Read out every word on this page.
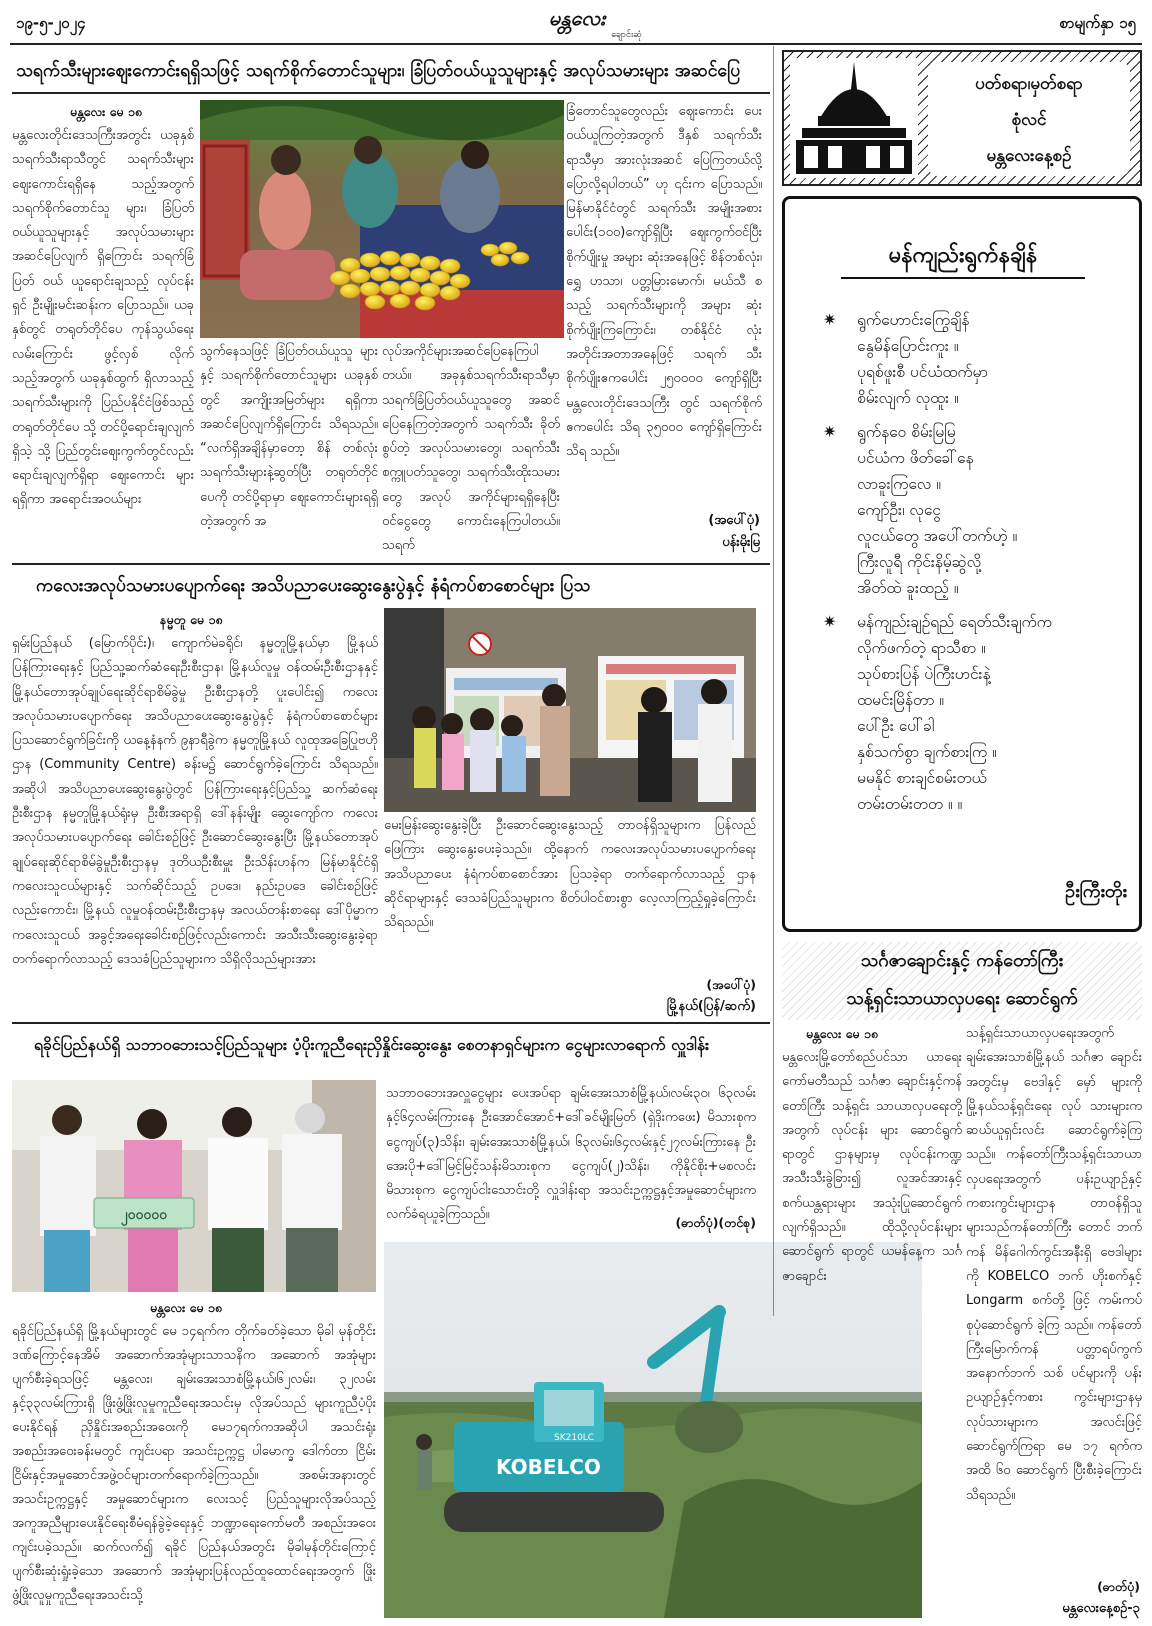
၁၉-၅-၂၀၂၄	မန္တလေး
ချောင်းဆုံ
စာမျက်နှာ ၁၅
သရက်သီးများဈေးကောင်းရရှိသဖြင့် သရက်စိုက်တောင်သူများ၊ ခြံပြတ်ဝယ်ယူသူများနှင့် အလုပ်သမားများ အဆင်ပြေ
မန္တလေး မေ ၁၈
မန္တလေးတိုင်းဒေသကြီးအတွင်း ယခုနှစ် သရက်သီးရာသီတွင် သရက်သီးများဈေးကောင်းရရှိနေ သည့်အတွက် သရက်စိုက်တောင်သူ များ၊ ခြံပြတ်ဝယ်ယူသူများနှင့် အလုပ်သမားများ အဆင်ပြေလျက် ရှိကြောင်း သရက်ခြံပြတ် ဝယ် ယူရောင်းချသည့် လုပ်ငန်းရှင် ဦးမျိုးမင်းဆန်းက ပြောသည်။ ယခုနှစ်တွင် တရုတ်တိုင်ပေ ကုန်သွယ်ရေးလမ်းကြောင်း ဖွင့်လှစ် လိုက်သည့်အတွက် ယခုနှစ်ထွက် ရှိလာသည့် သရက်သီးများကို ပြည်ပနိုင်ငံဖြစ်သည့် တရုတ်တိုင်ပေ သို့ တင်ပို့ရောင်းချလျက်ရှိသဲ့ သို့ ပြည်တွင်းဈေးကွက်တွင်လည်း ရောင်းချလျက်ရှိရာ ဈေးကောင်း များရရှိကာ အရောင်းအဝယ်များ
သွက်နေသဖြင့် ခြံပြတ်ဝယ်ယူသူ များနှင့် သရက်စိုက်တောင်သူများ ယခုနှစ်တွင် အကျိုးအမြတ်များ ရရှိကာ အဆင်ပြေလျက်ရှိကြောင်း သိရသည်။ “လက်ရှိအချိန်မှာတော့ စိန် တစ်လုံးသရက်သီးများနဲ့ဆွတ်ပြီး တရုတ်တိုင်ပေကို တင်ပို့ရာမှာ ဈေးကောင်းများရရှိတဲ့အတွက် အ
လုပ်အကိုင်များအဆင်ပြေနေကြပါ တယ်။ အခုနှစ်သရက်သီးရာသီမှာ သရက်ခြံပြတ်ဝယ်ယူသူတွေ အဆင် ပြေနေကြတဲ့အတွက် သရက်သီး ခိုတ်စွပ်တဲ့ အလုပ်သမားတွေ၊ သရက်သီး စက္ကူပတ်သူတွေ၊ သရက်သီးထိုးသမားတွေ အလုပ် အကိုင်များရရှိနေပြီး ဝင်ငွေတွေ ကောင်းနေကြပါတယ်။ သရက်
ခြံတောင်သူတွေလည်း ဈေးကောင်း ပေးဝယ်ယူကြတဲ့အတွက် ဒီနှစ် သရက်သီးရာသီမှာ အားလုံးအဆင် ပြေကြတယ်လို့ ပြောလို့ရပါတယ်” ဟု ၎င်းက ပြောသည်။ မြန်မာနိုင်ငံတွင် သရက်သီး အမျိုးအစားပေါင်း(၁၀၀)ကျော်ရှိပြီး ဈေးကွက်ဝင်ပြီး စိုက်ပျိုးမှု အများ ဆုံးအနေဖြင့် စိန်တစ်လုံး၊ ရွှေ ဟသာ၊ ပတ္တမြားမောက်၊ မယ်သီ စသည့် သရက်သီးများကို အများ ဆုံးစိုက်ပျိုးကြကြောင်း၊ တစ်နိုင်ငံ လုံးအတိုင်းအတာအနေဖြင့် သရက် သီး စိုက်ပျိုးဧကပေါင်း ၂၅၀၀၀၀ ကျော်ရှိပြီး မန္တလေးတိုင်းဒေသကြီး တွင် သရက်စိုက် ဧကပေါင်း သိရ ၃၅၀၀၀ ကျော်ရှိကြောင်း သိရ သည်။
(အပေါ်ပုံ)
ပန်းမိုးမြ
ကလေးအလုပ်သမားပပျောက်ရေး အသိပညာပေးဆွေးနွေးပွဲနှင့် နံရံကပ်စာစောင်များ ပြသ
နမ္မတူ မေ ၁၈
ရှမ်းပြည်နယ် (မြောက်ပိုင်း)၊ ကျောက်မဲခရိုင်၊ နမ္မတူမြို့နယ်မှာ မြို့နယ်ပြန်ကြားရေးနှင့် ပြည်သူ့ဆက်ဆံရေးဦးစီးဌာန၊ မြို့နယ်လူမှု ဝန်ထမ်းဦးစီးဌာနနှင့် မြို့နယ်တောအုပ်ချုပ်ရေးဆိုင်ရာစိမ်ခွဲမှု ဦးစီးဌာနတို့ ပူးပေါင်း၍ ကလေးအလုပ်သမားပပျောက်ရေး အသိပညာပေးဆွေးနွေးပွဲနှင့် နံရံကပ်စာစောင်များ ပြသဆောင်ရွက်ခြင်းကို ယနေ့နံနက် ၉နာရီခွဲက နမ္မတူမြို့နယ် လူထုအခြေပြုဗဟိုဌာန (Community Centre) ခန်းမ၌ ဆောင်ရွက်ခဲ့ကြောင်း သိရသည်။ အဆိုပါ အသိပညာပေးဆွေးနွေးပွဲတွင် ပြန်ကြားရေးနှင့်ပြည်သူ့ ဆက်ဆံရေးဦးစီးဌာန နမ္မတူမြို့နယ်ရုံးမှ ဦးစီးအရာရှိ ဒေါ်နန်းမျိုး ဆွေးကျော်က ကလေးအလုပ်သမားပပျောက်ရေး ခေါင်းစဉ်ဖြင့် ဦးဆောင်ဆွေးနွေးပြီး မြို့နယ်တောအုပ်ချုပ်ရေးဆိုင်ရာစိမ်ခွဲမှုဦးစီးဌာနမှ ဒုတိယဦးစီးမှူး ဦးသိန်းဟန်က မြန်မာနိုင်ငံရှိ ကလေးသူငယ်များနှင့် သက်ဆိုင်သည့် ဥပဒေ၊ နည်းဥပဒေ ခေါင်းစဉ်ဖြင့်လည်းကောင်း၊ မြို့နယ် လူမှုဝန်ထမ်းဦးစီးဌာနမှ အလယ်တန်းစာရေး ဒေါ်ပိုမ္မာက ကလေးသူငယ် အခွင့်အရေးခေါင်းစဉ်ဖြင့်လည်းကောင်း အသီးသီးဆွေးနွေးခဲ့ရာ တက်ရောက်လာသည့် ဒေသခံပြည်သူများက သိရှိလိုသည်များအား
မေးမြန်းဆွေးနွေးခဲ့ပြီး ဦးဆောင်ဆွေးနွေးသည့် တာဝန်ရှိသူများက ပြန်လည်ဖြေကြား ဆွေးနွေးပေးခဲ့သည်။ ထို့နောက် ကလေးအလုပ်သမားပပျောက်ရေး အသိပညာပေး နံရံကပ်စာစောင်အား ပြသခဲ့ရာ တက်ရောက်လာသည့် ဌာနဆိုင်ရာများနှင့် ဒေသခံပြည်သူများက စိတ်ပါဝင်စားစွာ လေ့လာကြည့်ရှုခဲ့ကြောင်း သိရသည်။
(အပေါ်ပုံ)
မြို့နယ်(ပြန်/ဆက်)
ရခိုင်ပြည်နယ်ရှိ သဘာဝဘေးသင့်ပြည်သူများ ပံ့ပိုးကူညီရေးညှိနှိုင်းဆွေးနွေး စေတနာရှင်များက ငွေများလာရောက် လှူဒါန်း
၂၀၀၀၀၀
သဘာဝဘေးအလှူငွေများ ပေးအပ်ရာ ချမ်းအေးသာစံမြို့နယ်၊လမ်း၃၀၊ ၆၃လမ်းနှင့်၆၄လမ်းကြားနေ ဦးအောင်အောင်+ဒေါ်ခင်မျိုးမြတ် (ရှဲဒိုးကဖေး) မိသားစုက ငွေကျပ်(၃)သိန်း၊ ချမ်းအေးသာစံမြို့နယ်၊ ၆၃လမ်း၊၆၄လမ်းနှင့်၂၇လမ်းကြားနေ ဦးအေးပို+ဒေါ်မြင့်မြင့်သန်းမိသားစုက ငွေကျပ်(၂)သိန်း၊ ကိုနိုင်စိုး+မစလင်းမိသားစုက ငွေကျပ်ငါးသောင်းတို့ လှူဒါန်းရာ အသင်းဥက္ကဋ္ဌနှင့်အမှုဆောင်များက လက်ခံရယူခဲ့ကြသည်။
(ဓာတ်ပုံ)(တင်စု)
မန္တလေး မေ ၁၈
ရခိုင်ပြည်နယ်ရှိ မြို့နယ်များတွင် မေ ၁၄ရက်က တိုက်ခတ်ခဲ့သော မိုခါ မုန်တိုင်းဒဏ်ကြောင့်နေအိမ် အဆောက်အအုံများသာသနိက အဆောက် အအုံများ ပျက်စီးခဲ့ရသဖြင့် မန္တလေး၊ ချမ်းအေးသာစံမြို့နယ်၊၆၂လမ်း၊ ၃၂လမ်းနှင့်၃၃လမ်းကြားရှိ ဖြိုးဖွံ့ဖြိုးလူမှုကူညီရေးအသင်းမှ လိုအပ်သည် များကူညီပံ့ပိုးပေးနိုင်ရန် ညှိနှိုင်းအစည်းအဝေးကို မေ၁၇ရက်ကအဆိုပါ အသင်းရုံး အစည်းအဝေးခန်းမတွင် ကျင်းပရာ အသင်းဥက္ကဋ္ဌ ပါမောက္ခ ဒေါက်တာ ငြိမ်းငြိမ်းနှင့်အမှုဆောင်အဖွဲ့ဝင်များတက်ရောက်ခဲ့ကြသည်။ အစမ်းအနားတွင် အသင်းဥက္ကဋ္ဌနှင့် အမှုဆောင်များက လေးသင့် ပြည်သူများလိုအပ်သည့် အကူအညီများပေးနိုင်ရေးစီမံရန်ခွဲခဲ့ရေးနှင့် ဘဏ္ဍာရေးကော်မတီ အစည်းအဝေးကျင်းပခဲ့သည်။ ဆက်လက်၍ ရခိုင် ပြည်နယ်အတွင်း မိုခါမုန်တိုင်းကြောင့် ပျက်စီးဆုံးရှုံးခဲ့သော အဆောက် အအုံများပြန်လည်ထူထောင်ရေးအတွက် ဖြိုးဖွံ့ဖြိုးလူမှုကူညီရေးအသင်းသို့
KOBELCO
SK210LC
ပတ်စရာ၊မှတ်စရာ
စုံလင်
မန္တလေးနေ့စဉ်
မန်ကျည်းရွက်နချိန်
✷ ရွက်ဟောင်းကြွေချိန်
နွေမိန်ပြောင်းကူး ။
ပုရစ်ဖူးစီ ပင်ယံထက်မှာ
စိမ်းလျက် လုထူး ။
✷ ရွက်နဝေ စိမ်းမြမြ
ပင်ယံက ဖိတ်ခေါ်နေ
လာခူးကြလေ ။
ကျော်ဦး၊ လုငွေ
လူငယ်တွေ အပေါ်တက်ဟဲ့ ။
ကြီးလူရီ ကိုင်းနိမ့်ဆွဲလို့
အိတ်ထဲ ခူးထည့် ။
✷ မန်ကျည်းချဉ်ရည် ရေတ်သီးချက်က
လိုက်ဖက်တဲ့ ရာသီစာ ။
သုပ်စားပြန် ပဲကြီးဟင်းနဲ့
ထမင်းမြိန်တာ ။
ပေါ်ဦး ပေါ်ခါ
နှစ်သက်စွာ ချက်စားကြ ။
မမနိုင် စားချင်စမ်းတယ်
တမ်းတမ်းတတ ။ ။
ဦးကြီးတိုး
သင်္ဂဇာချောင်းနှင့် ကန်တော်ကြီး
သန့်ရှင်းသာယာလှပရေး ဆောင်ရွက်
မန္တလေး မေ ၁၈
မန္တလေးမြို့တော်စည်ပင်သာ ယာရေးကော်မတီသည် သင်္ဂဇာ ချောင်းနှင့်ကန်တော်ကြီး သန့်ရှင်း သာယာလှပရေးတို့အတွက် လုပ်ငန်း များ ဆောင်ရွက်ရာတွင် ဌာနများမှ လုပ်ငန်းကဏ္ဍအသီးသီးခွဲခြား၍ လူအင်အားနှင့် စက်ယန္တရားများ အသုံးပြုဆောင်ရွက်လျက်ရှိသည်။ ထိုသို့လုပ်ငန်းများ ဆောင်ရွက် ရာတွင် ယမန်နေ့က သင်္ဂဇာချောင်း
သန့်ရှင်းသာယာလှပရေးအတွက် ချမ်းအေးသာစံမြို့နယ် သင်္ဂဇာ ချောင်းအတွင်းမှ ဗေဒါနှင့် မှော် များကို မြို့နယ်သန့်ရှင်းရေး လုပ် သားများက ဆယ်ယူရှင်းလင်း ဆောင်ရွက်ခဲ့ကြသည်။ ကန်တော်ကြီးသန့်ရှင်းသာယာ လှပရေးအတွက် ပန်းဥယျာဉ်နှင့် ကစားကွင်းများဌာန တာဝန်ရှိသူ များသည်ကန်တော်ကြီး တောင် ဘက်ကန် မိန်ဂေါက်ကွင်းအနီးရှိ ဗေဒါများကို KOBELCO ဘက် ဟိုးစက်နှင့် Longarm စက်တို့ ဖြင့် ကမ်းကပ်စုပုံဆောင်ရွက် ခဲ့ကြ သည်။ ကန်တော်ကြီးမြောက်ကန် ပတ္တာရပ်ကွက်အနောက်ဘက် သစ် ပင်များကို ပန်းဥယျာဉ်နှင့်ကစား ကွင်းများဌာနမှ လုပ်သားများက အလင်းဖြင့် ဆောင်ရွက်ကြရာ မေ ၁၇ ရက်က အထိ ၆၀ ဆောင်ရွက် ပြီးစီးခဲ့ကြောင်း သိရသည်။
(ဓာတ်ပုံ)
မန္တလေးနေ့စဉ်-၃
